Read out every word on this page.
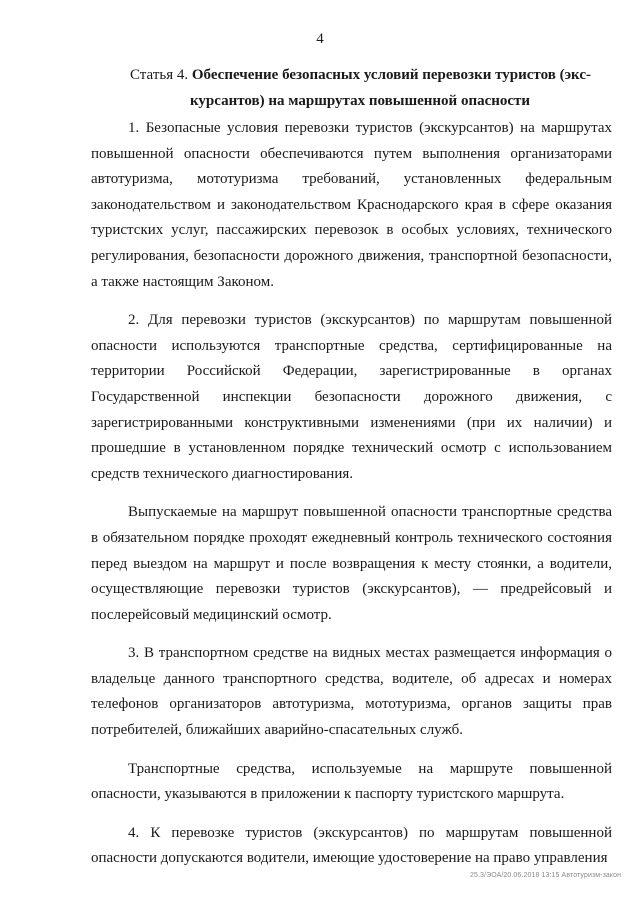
4
Статья 4. Обеспечение безопасных условий перевозки туристов (экс-
курсантов) на маршрутах повышенной опасности

1. Безопасные условия перевозки туристов (экскурсантов) на маршрутах повышенной опасности обеспечиваются путем выполнения организаторами автотуризма, мототуризма требований, установленных федеральным законодательством и законодательством Краснодарского края в сфере оказания туристских услуг, пассажирских перевозок в особых условиях, технического регулирования, безопасности дорожного движения, транспортной безопасности, а также настоящим Законом.

2. Для перевозки туристов (экскурсантов) по маршрутам повышенной опасности используются транспортные средства, сертифицированные на территории Российской Федерации, зарегистрированные в органах Государственной инспекции безопасности дорожного движения, с зарегистрированными конструктивными изменениями (при их наличии) и прошедшие в установленном порядке технический осмотр с использованием средств технического диагностирования.

Выпускаемые на маршрут повышенной опасности транспортные средства в обязательном порядке проходят ежедневный контроль технического состояния перед выездом на маршрут и после возвращения к месту стоянки, а водители, осуществляющие перевозки туристов (экскурсантов), — предрейсовый и послерейсовый медицинский осмотр.

3. В транспортном средстве на видных местах размещается информация о владельце данного транспортного средства, водителе, об адресах и номерах телефонов организаторов автотуризма, мототуризма, органов защиты прав потребителей, ближайших аварийно-спасательных служб.

Транспортные средства, используемые на маршруте повышенной опасности, указываются в приложении к паспорту туристского маршрута.

4. К перевозке туристов (экскурсантов) по маршрутам повышенной опасности допускаются водители, имеющие удостоверение на право управления

25.3/ЭОА/20.06.2018 13:15 Автотуризм-закон
